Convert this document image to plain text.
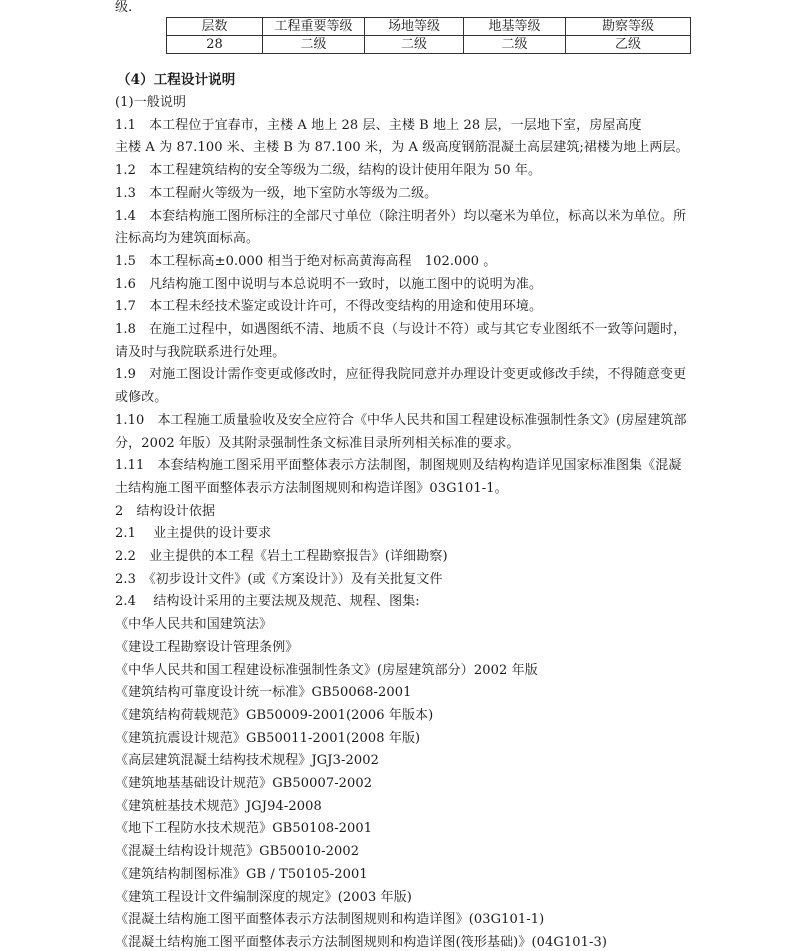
级.
层数	工程重要等级	场地等级	地基等级	勘察等级
28	二级	二级	二级	乙级
（4）工程设计说明
(1)一般说明
1.1　本工程位于宜春市，主楼 A 地上 28 层、主楼 B 地上 28 层，一层地下室，房屋高度
主楼 A 为 87.100 米、主楼 B 为 87.100 米，为 A 级高度钢筋混凝土高层建筑;裙楼为地上两层。
1.2　本工程建筑结构的安全等级为二级，结构的设计使用年限为 50 年。
1.3　本工程耐火等级为一级，地下室防水等级为二级。
1.4　本套结构施工图所标注的全部尺寸单位（除注明者外）均以毫米为单位，标高以米为单位。所
注标高均为建筑面标高。
1.5　本工程标高±0.000 相当于绝对标高黄海高程　102.000 。
1.6　凡结构施工图中说明与本总说明不一致时，以施工图中的说明为准。
1.7　本工程未经技术鉴定或设计许可，不得改变结构的用途和使用环境。
1.8　在施工过程中，如遇图纸不清、地质不良（与设计不符）或与其它专业图纸不一致等问题时，
请及时与我院联系进行处理。
1.9　对施工图设计需作变更或修改时，应征得我院同意并办理设计变更或修改手续，不得随意变更
或修改。
1.10　本工程施工质量验收及安全应符合《中华人民共和国工程建设标准强制性条文》(房屋建筑部
分，2002 年版）及其附录强制性条文标准目录所列相关标准的要求。
1.11　本套结构施工图采用平面整体表示方法制图，制图规则及结构构造详见国家标准图集《混凝
土结构施工图平面整体表示方法制图规则和构造详图》03G101-1。
2　结构设计依据
2.1　 业主提供的设计要求
2.2　业主提供的本工程《岩土工程勘察报告》(详细勘察)
2.3　《初步设计文件》(或《方案设计》）及有关批复文件
2.4　 结构设计采用的主要法规及规范、规程、图集:
《中华人民共和国建筑法》
《建设工程勘察设计管理条例》
《中华人民共和国工程建设标准强制性条文》(房屋建筑部分）2002 年版
《建筑结构可靠度设计统一标准》GB50068-2001
《建筑结构荷载规范》GB50009-2001(2006 年版本)
《建筑抗震设计规范》GB50011-2001(2008 年版)
《高层建筑混凝土结构技术规程》JGJ3-2002
《建筑地基基础设计规范》GB50007-2002
《建筑桩基技术规范》JGJ94-2008
《地下工程防水技术规范》GB50108-2001
《混凝土结构设计规范》GB50010-2002
《建筑结构制图标准》GB / T50105-2001
《建筑工程设计文件编制深度的规定》(2003 年版)
《混凝土结构施工图平面整体表示方法制图规则和构造详图》(03G101-1)
《混凝土结构施工图平面整体表示方法制图规则和构造详图(筏形基础)》(04G101-3)
